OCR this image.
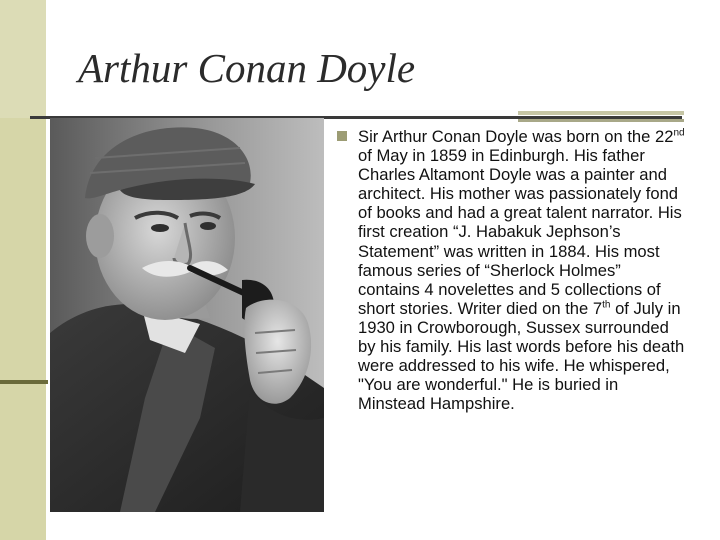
Arthur Conan Doyle

Sir Arthur Conan Doyle was born on the 22nd of May in 1859 in Edinburgh. His father Charles Altamont Doyle was a painter and architect. His mother was passionately fond of books and had a great talent narrator. His first creation “J. Habakuk Jephson’s Statement” was written in 1884. His most famous series of “Sherlock Holmes” contains 4 novelettes and 5 collections of short stories. Writer died on the 7th of July in 1930 in Crowborough, Sussex surrounded by his family. His last words before his death were addressed to his wife. He whispered, "You are wonderful." He is buried in Minstead Hampshire.
